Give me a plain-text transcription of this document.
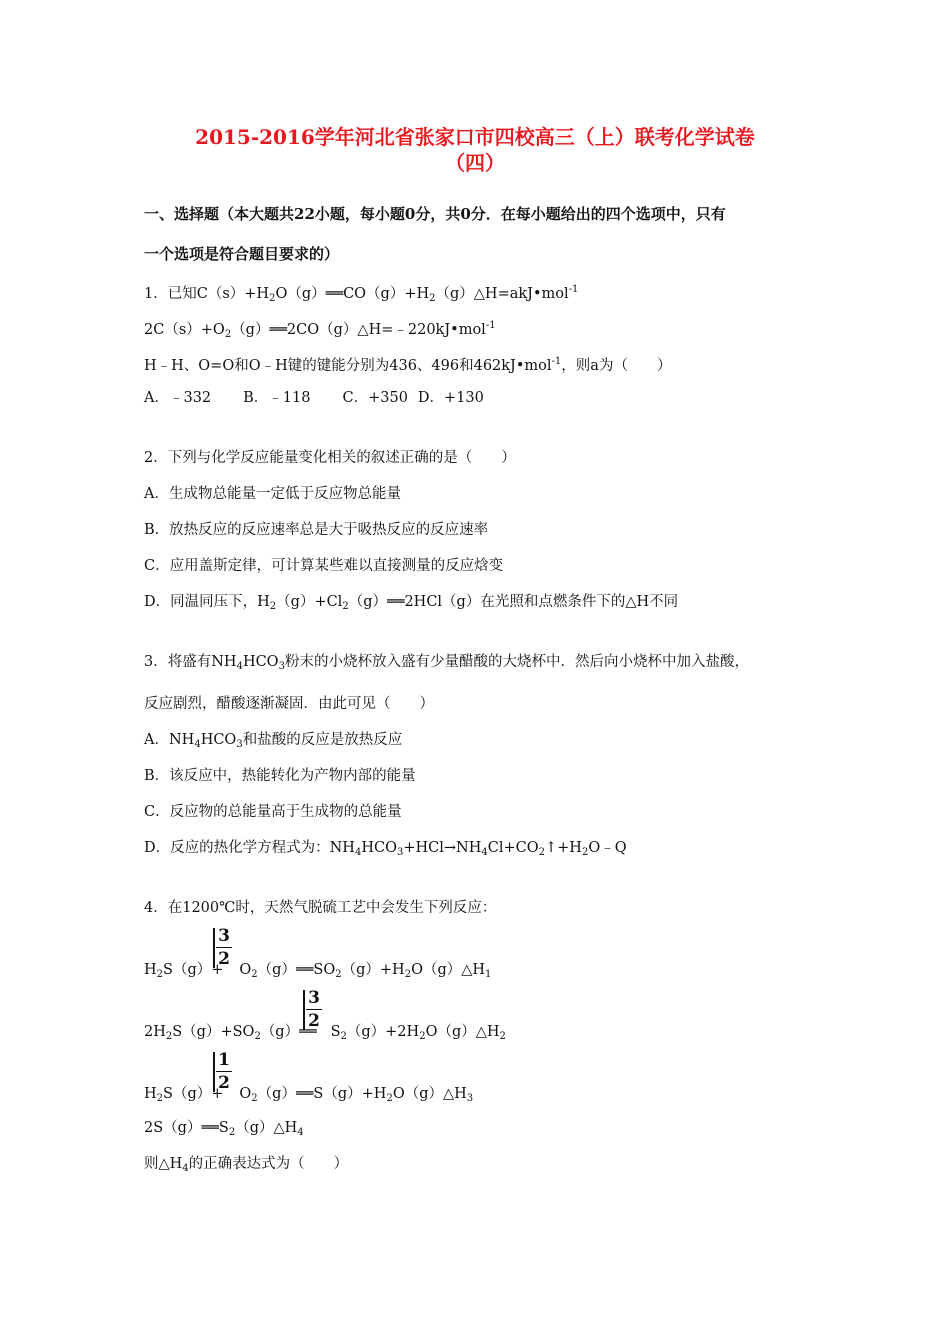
2015-2016学年河北省张家口市四校高三（上）联考化学试卷
（四）
一、选择题（本大题共22小题，每小题0分，共0分．在每小题给出的四个选项中，只有
一个选项是符合题目要求的）
1．已知$C(s)+H_2O(g)══CO(g)+H_2(g)\triangle H=akJ•mol^{-1}$
$2C(s)+O_2(g)══2CO(g)\triangle H=﹣220kJ•mol^{-1}$
H﹣H、O=O和O﹣H键的键能分别为436、496和462kJ•mol$^{-1}$，则a为（　　）
A．﹣332 B．﹣118 C．+350 D．+130
2．下列与化学反应能量变化相关的叙述正确的是（　　）
A．生成物总能量一定低于反应物总能量
B．放热反应的反应速率总是大于吸热反应的反应速率
C．应用盖斯定律，可计算某些难以直接测量的反应焓变
D．同温同压下，$H_2(g)+Cl_2(g)══2HCl(g)$在光照和点燃条件下的△H不同
3．将盛有$NH_4HCO_3$粉末的小烧杯放入盛有少量醋酸的大烧杯中．然后向小烧杯中加入盐酸，
反应剧烈，醋酸逐渐凝固．由此可见（　　）
A．$NH_4HCO_3$和盐酸的反应是放热反应
B．该反应中，热能转化为产物内部的能量
C．反应物的总能量高于生成物的总能量
D．反应的热化学方程式为：$NH_4HCO_3+HCl\to NH_4Cl+CO_2↑+H_2O﹣Q$
4．在1200℃时，天然气脱硫工艺中会发生下列反应：
3
2
$H_2S(g)+$ $O_2(g)══SO_2(g)+H_2O(g)\triangle H_1$
3
2
$2H_2S(g)+SO_2(g)══$ $S_2(g)+2H_2O(g)\triangle H_2$
1
2
$H_2S(g)+$ $O_2(g)══S(g)+H_2O(g)\triangle H_3$
$2S(g)══S_2(g)\triangle H_4$
则$\triangle H_4$的正确表达式为（　　）
